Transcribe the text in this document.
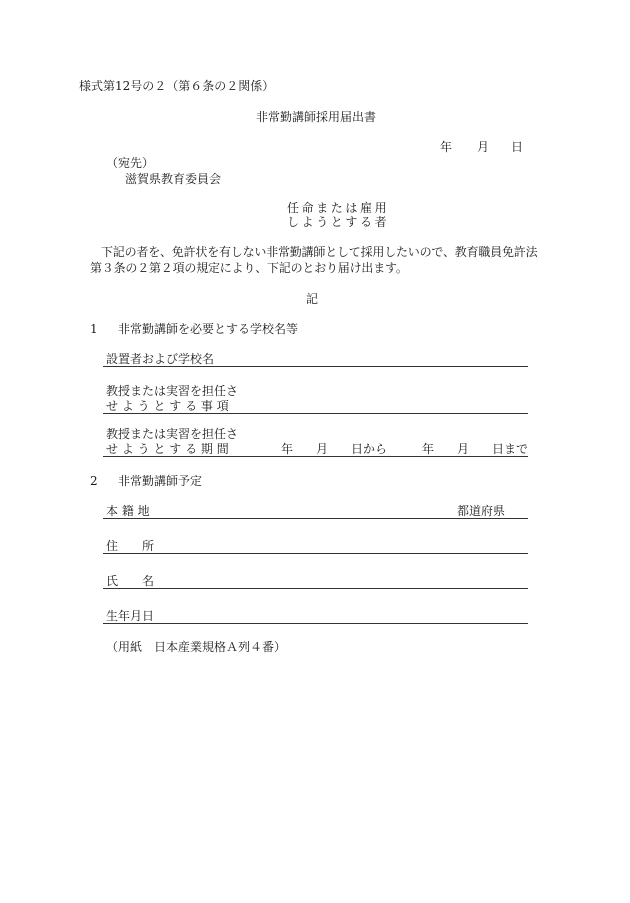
様式第12号の２（第６条の２関係）
非常勤講師採用届出書
年 月 日
（宛先）
滋賀県教育委員会
任命または雇用
しようとする者
下記の者を、免許状を有しない非常勤講師として採用したいので、教育職員免許法
第３条の２第２項の規定により、下記のとおり届け出ます。
記
1 非常勤講師を必要とする学校名等
設置者および学校名
教授または実習を担任さ
せ よ う と す る 事 項
教授または実習を担任さ
せ よ う と す る 期 間	年 月 日から	年 月 日まで
2 非常勤講師予定
本 籍 地	都道府県
住　　所
氏　　名
生年月日
（用紙　日本産業規格Ａ列４番）
